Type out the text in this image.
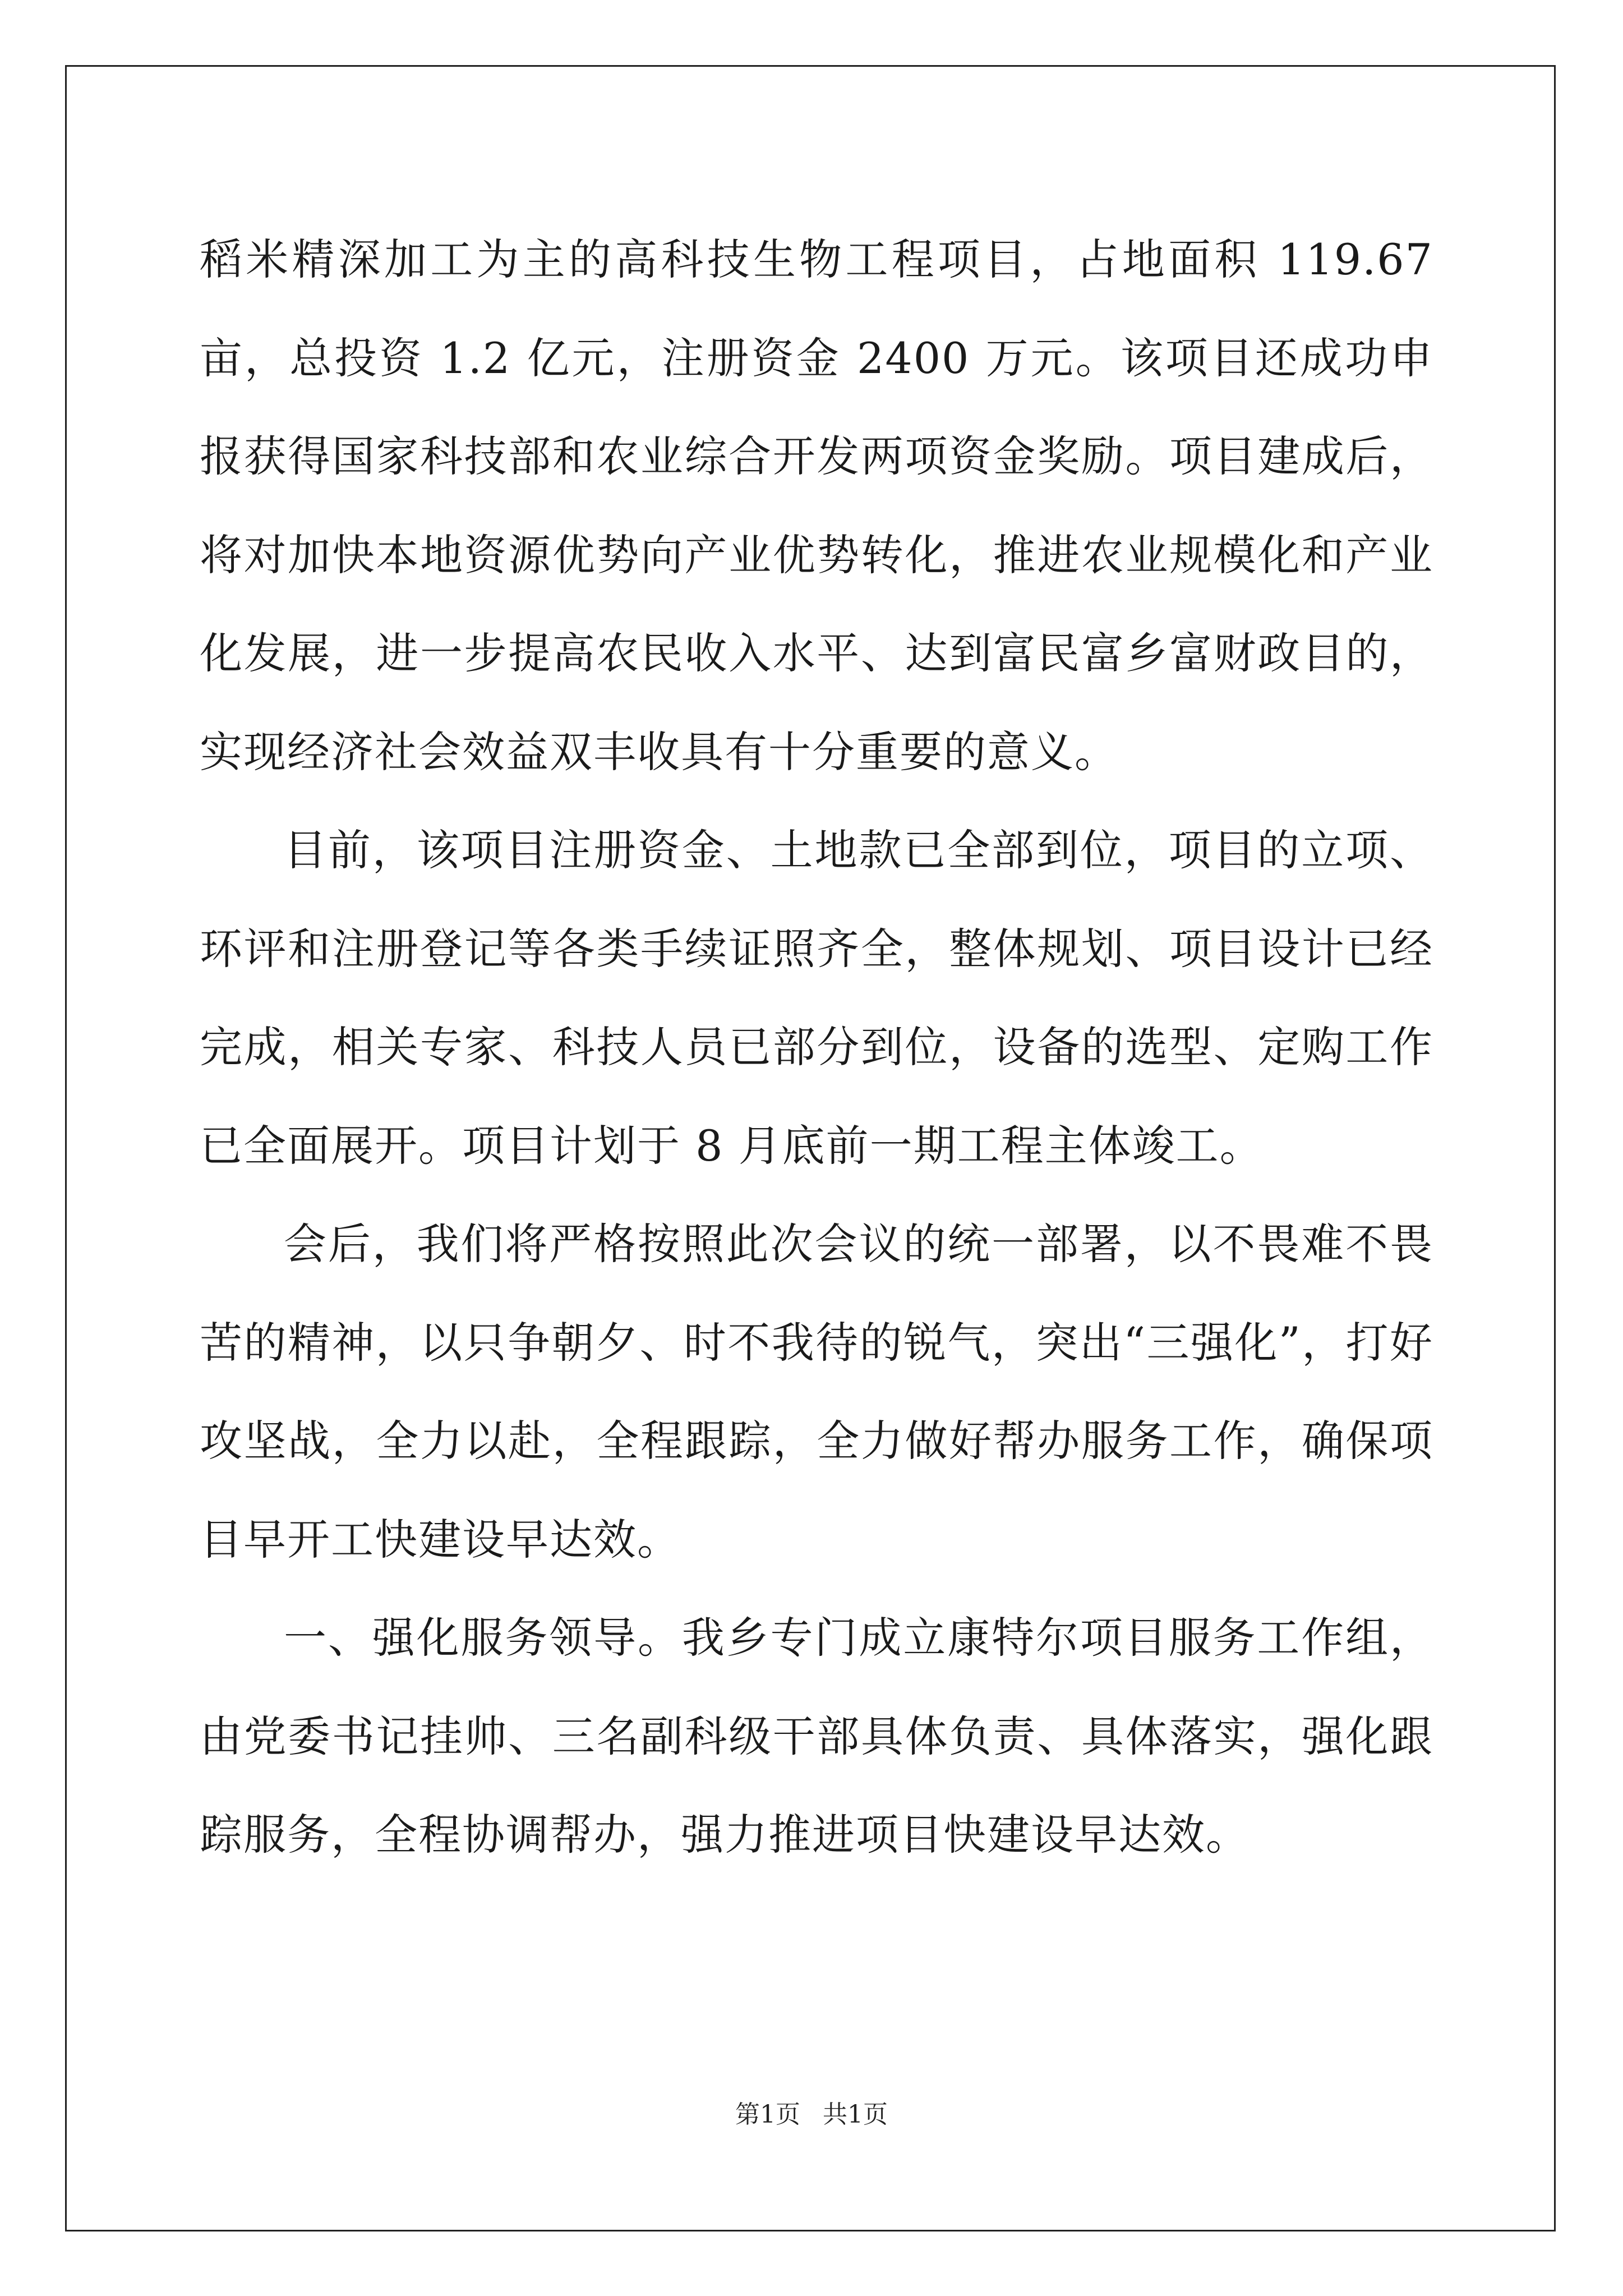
稻米精深加工为主的高科技生物工程项目，占地面积 119.67 亩，总投资 1.2 亿元，注册资金 2400 万元。该项目还成功申报获得国家科技部和农业综合开发两项资金奖励。项目建成后，将对加快本地资源优势向产业优势转化，推进农业规模化和产业化发展，进一步提高农民收入水平、达到富民富乡富财政目的，实现经济社会效益双丰收具有十分重要的意义。

目前，该项目注册资金、土地款已全部到位，项目的立项、环评和注册登记等各类手续证照齐全，整体规划、项目设计已经完成，相关专家、科技人员已部分到位，设备的选型、定购工作已全面展开。项目计划于 8 月底前一期工程主体竣工。

会后，我们将严格按照此次会议的统一部署，以不畏难不畏苦的精神，以只争朝夕、时不我待的锐气，突出“三强化”，打好攻坚战，全力以赴，全程跟踪，全力做好帮办服务工作，确保项目早开工快建设早达效。

一、强化服务领导。我乡专门成立康特尔项目服务工作组，由党委书记挂帅、三名副科级干部具体负责、具体落实，强化跟踪服务，全程协调帮办，强力推进项目快建设早达效。

第1页 共1页
